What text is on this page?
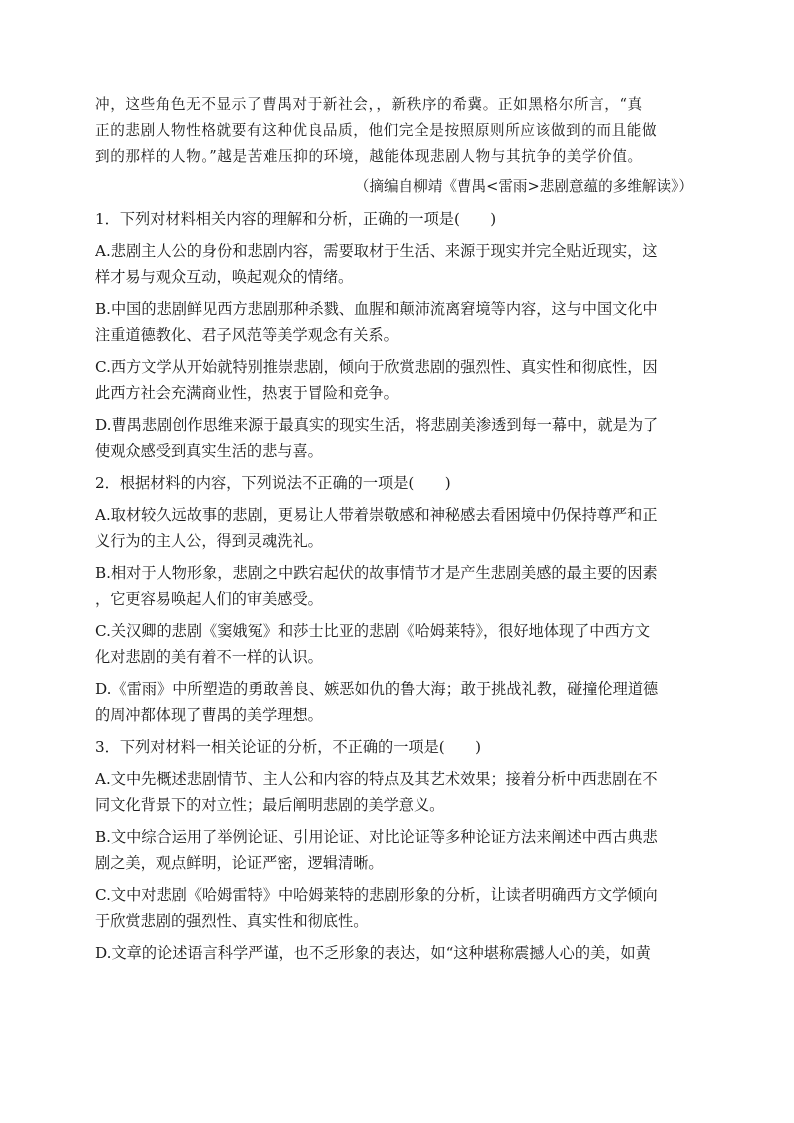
冲，这些角色无不显示了曹禺对于新社会，，新秩序的希冀。正如黑格尔所言，“真
正的悲剧人物性格就要有这种优良品质，他们完全是按照原则所应该做到的而且能做
到的那样的人物。”越是苦难压抑的环境，越能体现悲剧人物与其抗争的美学价值。
（摘编自柳靖《曹禺<雷雨>悲剧意蕴的多维解读》）
1．下列对材料相关内容的理解和分析，正确的一项是(　　)
A.悲剧主人公的身份和悲剧内容，需要取材于生活、来源于现实并完全贴近现实，这
样才易与观众互动，唤起观众的情绪。
B.中国的悲剧鲜见西方悲剧那种杀戮、血腥和颠沛流离窘境等内容，这与中国文化中
注重道德教化、君子风范等美学观念有关系。
C.西方文学从开始就特别推崇悲剧，倾向于欣赏悲剧的强烈性、真实性和彻底性，因
此西方社会充满商业性，热衷于冒险和竞争。
D.曹禺悲剧创作思维来源于最真实的现实生活，将悲剧美渗透到每一幕中，就是为了
使观众感受到真实生活的悲与喜。
2．根据材料的内容，下列说法不正确的一项是(　　)
A.取材较久远故事的悲剧，更易让人带着崇敬感和神秘感去看困境中仍保持尊严和正
义行为的主人公，得到灵魂洗礼。
B.相对于人物形象，悲剧之中跌宕起伏的故事情节才是产生悲剧美感的最主要的因素
，它更容易唤起人们的审美感受。
C.关汉卿的悲剧《窦娥冤》和莎士比亚的悲剧《哈姆莱特》，很好地体现了中西方文
化对悲剧的美有着不一样的认识。
D.《雷雨》中所塑造的勇敢善良、嫉恶如仇的鲁大海；敢于挑战礼教，碰撞伦理道德
的周冲都体现了曹禺的美学理想。
3．下列对材料一相关论证的分析，不正确的一项是(　　)
A.文中先概述悲剧情节、主人公和内容的特点及其艺术效果；接着分析中西悲剧在不
同文化背景下的对立性；最后阐明悲剧的美学意义。
B.文中综合运用了举例论证、引用论证、对比论证等多种论证方法来阐述中西古典悲
剧之美，观点鲜明，论证严密，逻辑清晰。
C.文中对悲剧《哈姆雷特》中哈姆莱特的悲剧形象的分析，让读者明确西方文学倾向
于欣赏悲剧的强烈性、真实性和彻底性。
D.文章的论述语言科学严谨，也不乏形象的表达，如“这种堪称震撼人心的美，如黄
